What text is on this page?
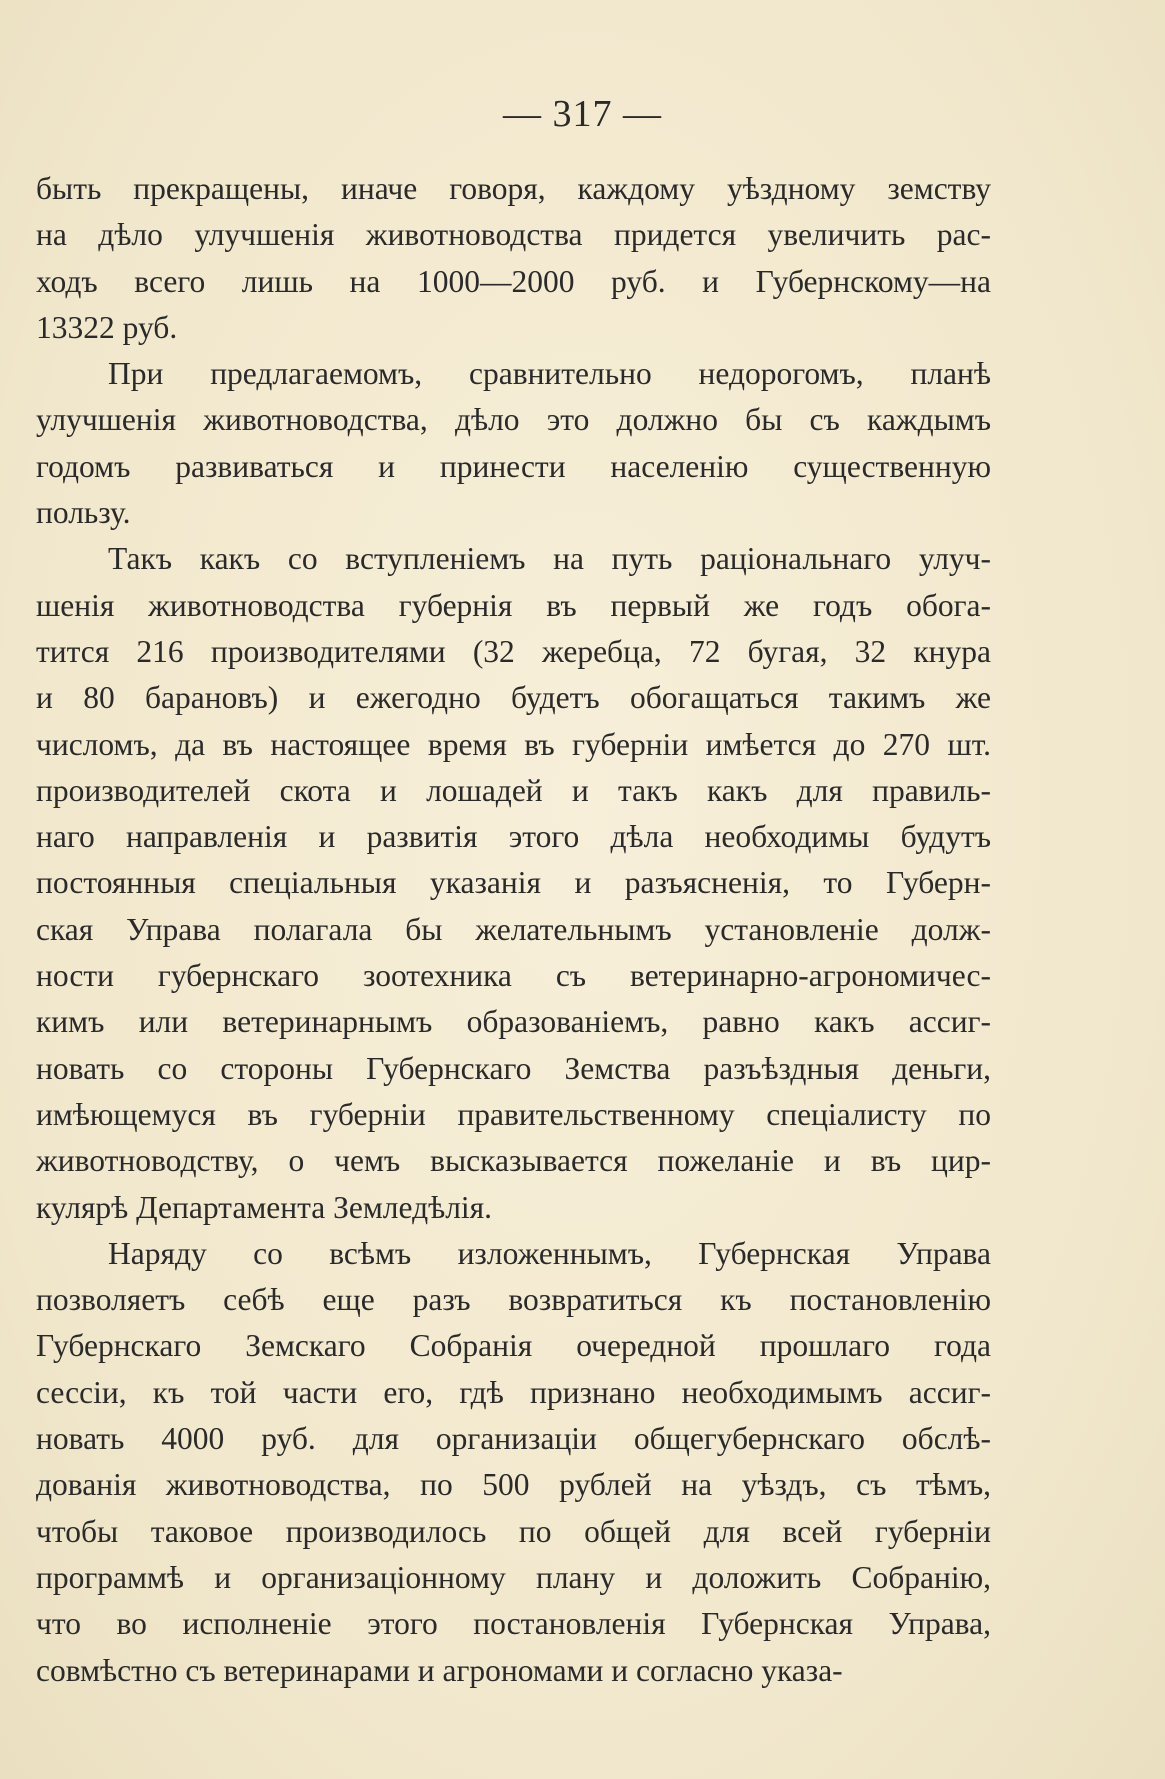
— 317 —
быть прекращены, иначе говоря, каждому уѣздному земству
на дѣло улучшенія животноводства придется увеличить рас-
ходъ всего лишь на 1000—2000 руб. и Губернскому—на
13322 руб.
При предлагаемомъ, сравнительно недорогомъ, планѣ
улучшенія животноводства, дѣло это должно бы съ каждымъ
годомъ развиваться и принести населенію существенную
пользу.
Такъ какъ со вступленіемъ на путь раціональнаго улуч-
шенія животноводства губернія въ первый же годъ обога-
тится 216 производителями (32 жеребца, 72 бугая, 32 кнура
и 80 барановъ) и ежегодно будетъ обогащаться такимъ же
числомъ, да въ настоящее время въ губерніи имѣется до 270 шт.
производителей скота и лошадей и такъ какъ для правиль-
наго направленія и развитія этого дѣла необходимы будутъ
постоянныя спеціальныя указанія и разъясненія, то Губерн-
ская Управа полагала бы желательнымъ установленіе долж-
ности губернскаго зоотехника съ ветеринарно-агрономичес-
кимъ или ветеринарнымъ образованіемъ, равно какъ ассиг-
новать со стороны Губернскаго Земства разъѣздныя деньги,
имѣющемуся въ губерніи правительственному спеціалисту по
животноводству, о чемъ высказывается пожеланіе и въ цир-
кулярѣ Департамента Земледѣлія.
Наряду со всѣмъ изложеннымъ, Губернская Управа
позволяетъ себѣ еще разъ возвратиться къ постановленію
Губернскаго Земскаго Собранія очередной прошлаго года
сессіи, къ той части его, гдѣ признано необходимымъ ассиг-
новать 4000 руб. для организаціи общегубернскаго обслѣ-
дованія животноводства, по 500 рублей на уѣздъ, съ тѣмъ,
чтобы таковое производилось по общей для всей губерніи
программѣ и организаціонному плану и доложить Собранію,
что во исполненіе этого постановленія Губернская Управа,
совмѣстно съ ветеринарами и агрономами и согласно указа-
